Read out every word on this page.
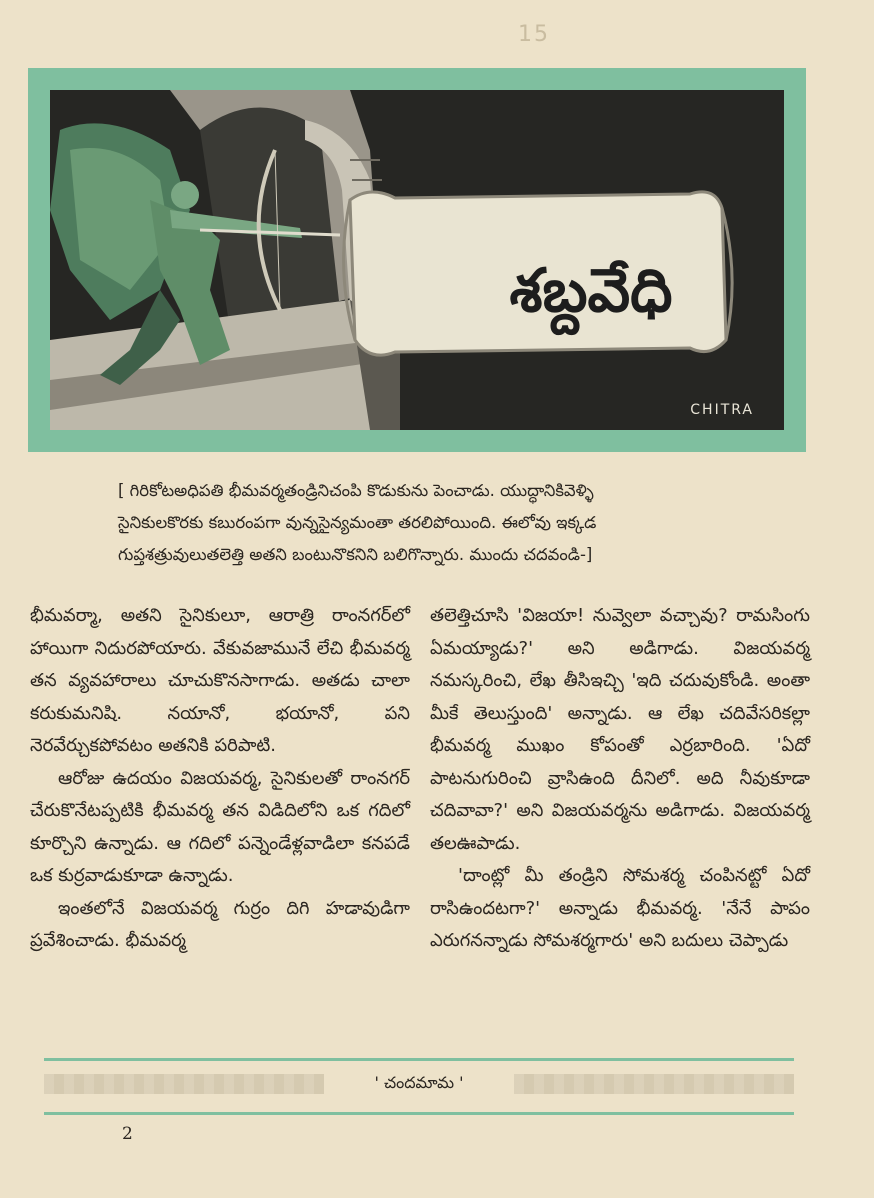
15
శబ్దవేధి
CHITRA
[ గిరికోటఅధిపతి భీమవర్మతండ్రినిచంపి కొడుకును పెంచాడు. యుద్ధానికివెళ్ళి
సైనికులకొరకు కబురంపగా వున్నసైన్యమంతా తరలిపోయింది. ఈలోవు ఇక్కడ
గుప్తశత్రువులుతలెత్తి అతని బంటునొకనిని బలిగొన్నారు. ముందు చదవండి-]

భీమవర్మా, అతని సైనికులూ, ఆరాత్రి రాంనగర్‌లో హాయిగా నిదురపోయారు. వేకువజామునే లేచి భీమవర్మ తన వ్యవహారాలు చూచుకొనసాగాడు. అతడు చాలా కరుకుమనిషి. నయానో, భయానో, పని నెరవేర్చుకపోవటం అతనికి పరిపాటి.

ఆరోజు ఉదయం విజయవర్మ, సైనికులతో రాంనగర్ చేరుకొనేటప్పటికి భీమవర్మ తన విడిదిలోని ఒక గదిలో కూర్చొని ఉన్నాడు. ఆ గదిలో పన్నెండేళ్లవాడిలా కనపడే ఒక కుర్రవాడుకూడా ఉన్నాడు.

ఇంతలోనే విజయవర్మ గుర్రం దిగి హడావుడిగా ప్రవేశించాడు. భీమవర్మ

తలెత్తిచూసి 'విజయా! నువ్వెలా వచ్చావు? రామసింగు ఏమయ్యాడు?' అని అడిగాడు. విజయవర్మ నమస్కరించి, లేఖ తీసిఇచ్చి 'ఇది చదువుకోండి. అంతా మీకే తెలుస్తుంది' అన్నాడు. ఆ లేఖ చదివేసరికల్లా భీమవర్మ ముఖం కోపంతో ఎర్రబారింది. 'ఏదో పాటనుగురించి వ్రాసిఉంది దీనిలో. అది నీవుకూడా చదివావా?' అని విజయవర్మను అడిగాడు. విజయవర్మ తలఊపాడు.

'దాంట్లో మీ తండ్రిని సోమశర్మ చంపినట్టో ఏదో రాసిఉందటగా?' అన్నాడు భీమవర్మ. 'నేనే పాపం ఎరుగనన్నాడు సోమశర్మగారు' అని బదులు చెప్పాడు

' చందమామ '
2
